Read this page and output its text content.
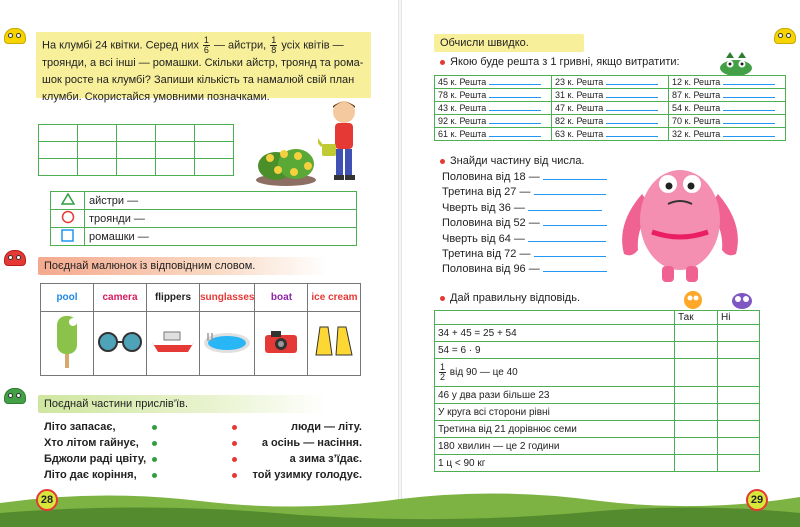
На клумбі 24 квітки. Серед них $\frac{1}{6}$ — айстри, $\frac{1}{8}$ усіх квітів —
троянди, а всі інші — ромашки. Скільки айстр, троянд та рома-
шок росте на клумбі? Запиши кількість та намалюй свій план
клумби. Скористайся умовними позначками.

	айстри —
	троянди —
	ромашки —
Поєднай малюнок із відповідним словом.
pool	camera	flippers	sunglasses	boat	ice cream

Поєднай частини прислів’їв.
Літо запасає,
Хто літом гайнує,
Бджоли раді цвіту,
Літо дає коріння,
люди — літу.
а осінь — насіння.
а зима з’їдає.
той узимку голодує.
Обчисли швидко.
Якою буде решта з 1 гривні, якщо витратити:
45 к. Решта	23 к. Решта	12 к. Решта
78 к. Решта	31 к. Решта	87 к. Решта
43 к. Решта	47 к. Решта	54 к. Решта
92 к. Решта	82 к. Решта	70 к. Решта
61 к. Решта	63 к. Решта	32 к. Решта
Знайди частину від числа.
Половина від 18 —
Третина від 27 —
Чверть від 36 —
Половина від 52 —
Чверть від 64 —
Третина від 72 —
Половина від 96 —
Дай правильну відповідь.
	Так	Ні
34 + 45 = 25 + 54		
54 = 6 · 9		

$\frac{1}{2}$ від 90 — це 40		
46 у два рази більше 23		
У круга всі сторони рівні		
Третина від 21 дорівнює семи		
180 хвилин — це 2 години		
1 ц < 90 кг		
28	29
